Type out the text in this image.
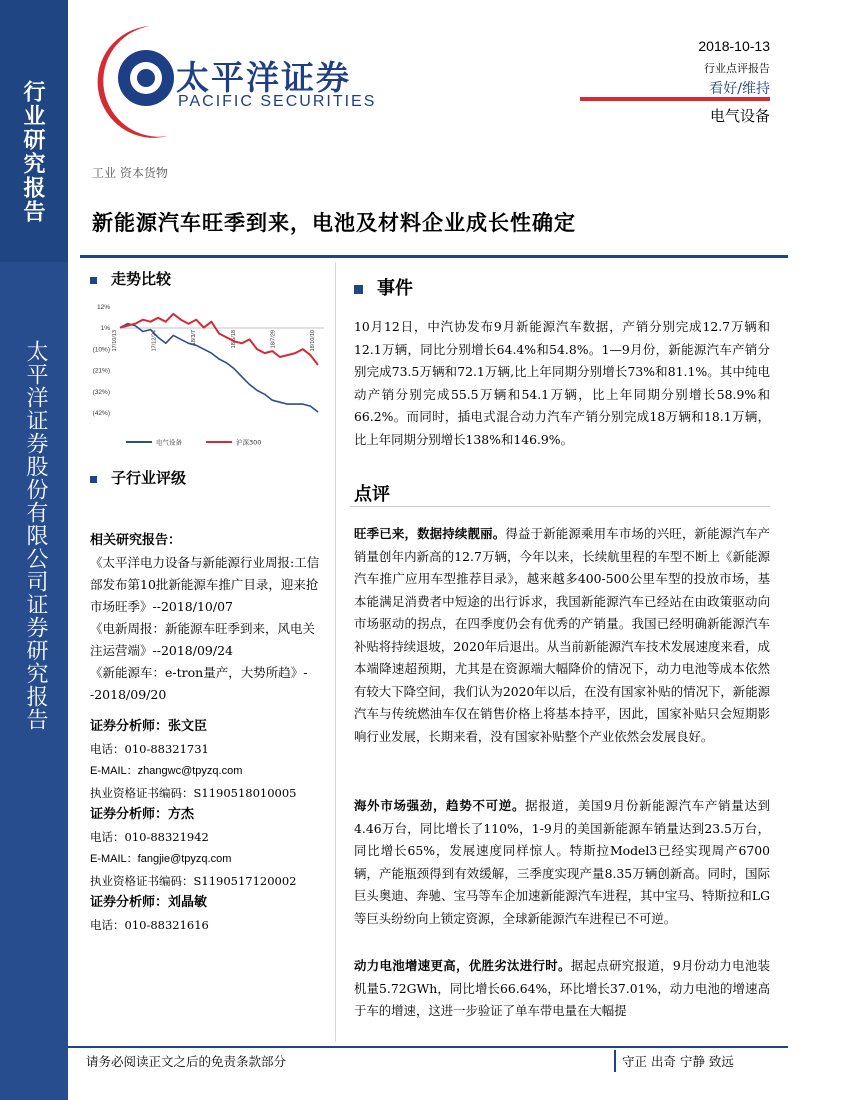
行业研究报告
太平洋证券股份有限公司证券研究报告
太平洋证券
PACIFIC SECURITIES
2018-10-13
行业点评报告
看好/维持
电气设备
工业 资本货物
新能源汽车旺季到来，电池及材料企业成长性确定
走势比较
12%
1%
(10%)
(21%)
(32%)
(42%)
17/10/13	17/12/24	18/3/7	18/5/18	18/7/29	18/10/10
电气设备	沪深300
子行业评级
相关研究报告：
《太平洋电力设备与新能源行业周报:工信部发布第10批新能源车推广目录，迎来抢市场旺季》--2018/10/07
《电新周报：新能源车旺季到来，风电关注运营端》--2018/09/24
《新能源车：e-tron量产，大势所趋》--2018/09/20
证券分析师：张文臣
电话：010-88321731
E-MAIL：zhangwc@tpyzq.com
执业资格证书编码：S1190518010005
证券分析师：方杰
电话：010-88321942
E-MAIL：fangjie@tpyzq.com
执业资格证书编码：S1190517120002
证券分析师：刘晶敏
电话：010-88321616
事件
10月12日，中汽协发布9月新能源汽车数据，产销分别完成12.7万辆和12.1万辆，同比分别增长64.4%和54.8%。1—9月份，新能源汽车产销分别完成73.5万辆和72.1万辆,比上年同期分别增长73%和81.1%。其中纯电动产销分别完成55.5万辆和54.1万辆，比上年同期分别增长58.9%和66.2%。而同时，插电式混合动力汽车产销分别完成18万辆和18.1万辆，比上年同期分别增长138%和146.9%。
点评
旺季已来，数据持续靓丽。得益于新能源乘用车市场的兴旺，新能源汽车产销量创年内新高的12.7万辆，今年以来，长续航里程的车型不断上《新能源汽车推广应用车型推荐目录》，越来越多400-500公里车型的投放市场，基本能满足消费者中短途的出行诉求，我国新能源汽车已经站在由政策驱动向市场驱动的拐点，在四季度仍会有优秀的产销量。我国已经明确新能源汽车补贴将持续退坡，2020年后退出。从当前新能源汽车技术发展速度来看，成本端降速超预期，尤其是在资源端大幅降价的情况下，动力电池等成本依然有较大下降空间，我们认为2020年以后，在没有国家补贴的情况下，新能源汽车与传统燃油车仅在销售价格上将基本持平，因此，国家补贴只会短期影响行业发展，长期来看，没有国家补贴整个产业依然会发展良好。
海外市场强劲，趋势不可逆。据报道，美国9月份新能源汽车产销量达到4.46万台，同比增长了110%，1-9月的美国新能源车销量达到23.5万台，同比增长65%，发展速度同样惊人。特斯拉Model3已经实现周产6700辆，产能瓶颈得到有效缓解，三季度实现产量8.35万辆创新高。同时，国际巨头奥迪、奔驰、宝马等车企加速新能源汽车进程，其中宝马、特斯拉和LG等巨头纷纷向上锁定资源，全球新能源汽车进程已不可逆。
动力电池增速更高，优胜劣汰进行时。据起点研究报道，9月份动力电池装机量5.72GWh，同比增长66.64%，环比增长37.01%，动力电池的增速高于车的增速，这进一步验证了单车带电量在大幅提
请务必阅读正文之后的免责条款部分	守正 出奇 宁静 致远
